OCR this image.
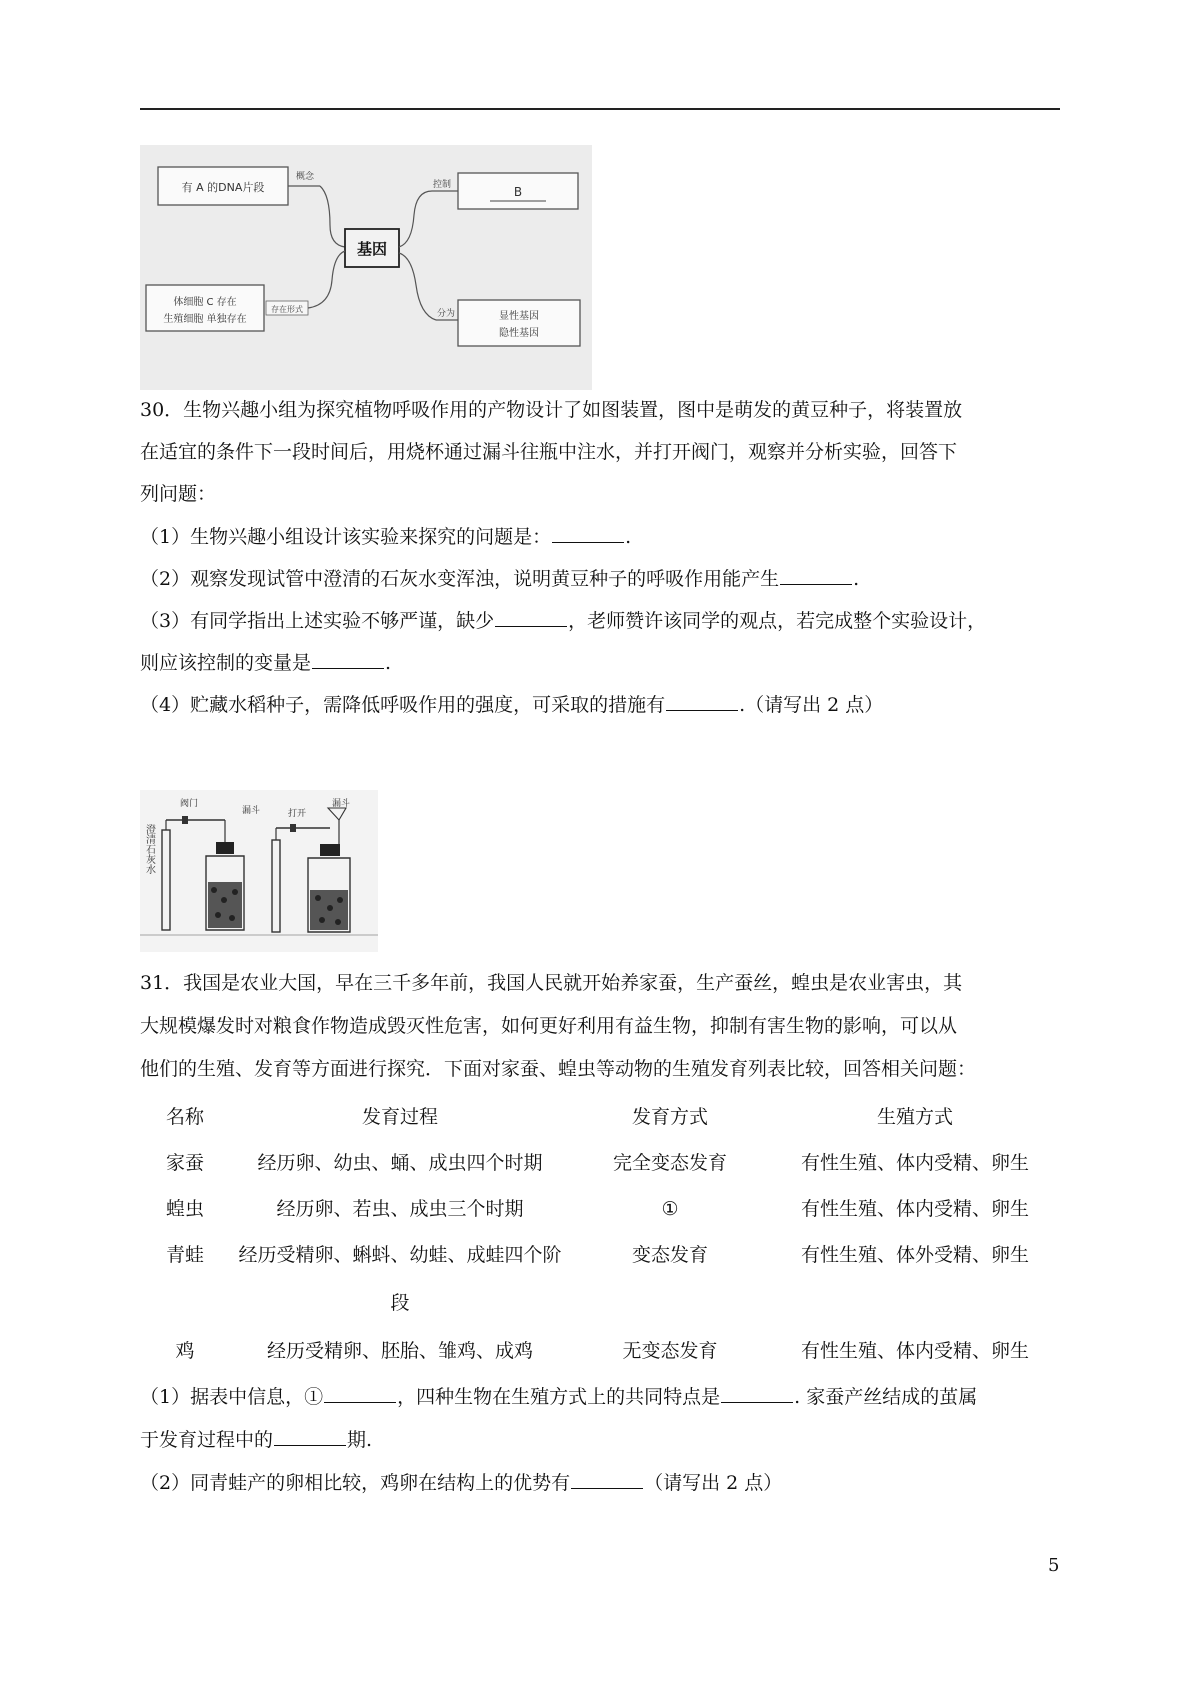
有 A 的DNA片段
概念
基因
控制	B
体细胞 C 存在
生殖细胞 单独存在
存在形式	分为	显性基因
隐性基因
30．生物兴趣小组为探究植物呼吸作用的产物设计了如图装置，图中是萌发的黄豆种子，将装置放
在适宜的条件下一段时间后，用烧杯通过漏斗往瓶中注水，并打开阀门，观察并分析实验，回答下
列问题：
（1）生物兴趣小组设计该实验来探究的问题是：	.
（2）观察发现试管中澄清的石灰水变浑浊，说明黄豆种子的呼吸作用能产生	.
（3）有同学指出上述实验不够严谨，缺少	，老师赞许该同学的观点，若完成整个实验设计，
则应该控制的变量是	.
（4）贮藏水稻种子，需降低呼吸作用的强度，可采取的措施有	.（请写出 2 点）
澄清石灰水
阀门
漏斗	打开
漏斗
31．我国是农业大国，早在三千多年前，我国人民就开始养家蚕，生产蚕丝，蝗虫是农业害虫，其
大规模爆发时对粮食作物造成毁灭性危害，如何更好利用有益生物，抑制有害生物的影响，可以从
他们的生殖、发育等方面进行探究．下面对家蚕、蝗虫等动物的生殖发育列表比较，回答相关问题：
名称	发育过程	发育方式	生殖方式
家蚕	经历卵、幼虫、蛹、成虫四个时期	完全变态发育	有性生殖、体内受精、卵生
蝗虫	经历卵、若虫、成虫三个时期	①	有性生殖、体内受精、卵生
青蛙	经历受精卵、蝌蚪、幼蛙、成蛙四个阶	变态发育	有性生殖、体外受精、卵生
段
鸡	经历受精卵、胚胎、雏鸡、成鸡	无变态发育	有性生殖、体内受精、卵生
（1）据表中信息，①	，四种生物在生殖方式上的共同特点是	. 家蚕产丝结成的茧属
于发育过程中的	期.
（2）同青蛙产的卵相比较，鸡卵在结构上的优势有	（请写出 2 点）
5
